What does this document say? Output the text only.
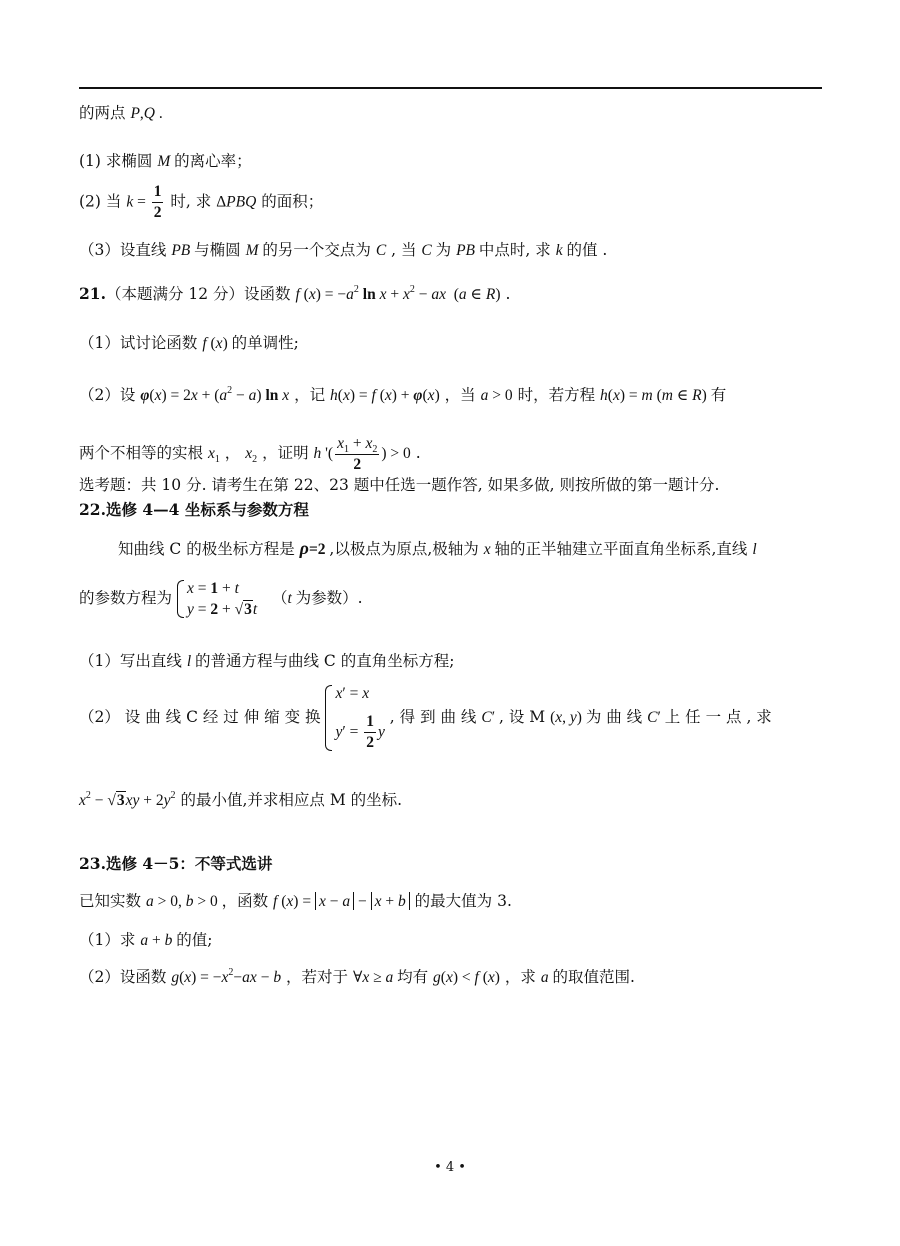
的两点 P,Q .
(1) 求椭圆 M 的离心率；
(2) 当 $k = \frac{1}{2}$ 时, 求 ΔPBQ 的面积；
（3）设直线 PB 与椭圆 M 的另一个交点为 C , 当 C 为 PB 中点时, 求 k 的值 .
21.（本题满分 12 分）设函数 f $(x) = -a^2$ $\ln x + x^2$ − ax  (a ∈ R) .
（1）试讨论函数 f (x) 的单调性;
（2）设 $\varphi(x) = 2x + (a^2 - a)$ ln x ，记 h(x) = f (x) + φ(x) ，当 a > 0 时，若方程 h(x) = m (m ∈ R) 有
两个不相等的实根 $x_1$ ， $x_2$ ，证明 h '( $\frac{x_1 + x_2}{2}$ ) > 0 .
选考题：共 10 分. 请考生在第 22、23 题中任选一题作答, 如果多做, 则按所做的第一题计分.
22.选修 4—4 坐标系与参数方程
知曲线 C 的极坐标方程是 ρ=2 ,以极点为原点,极轴为 x 轴的正半轴建立平面直角坐标系,直线 l
的参数方程为
x = 1 + t
y = 2 + √3t
（t 为参数）.
（1）写出直线 l 的普通方程与曲线 C 的直角坐标方程;
（2） 设 曲 线 C 经 过 伸 缩 变 换
x′ = x
$y' = \frac{1}{2}$ y
, 得 到 曲 线 C′ , 设 M (x, y) 为 曲 线 C′ 上 任 一 点 , 求
$x^2 - √3xy + 2y^2$ 的最小值,并求相应点 M 的坐标.
23.选修 4－5：不等式选讲
已知实数 a > 0, b > 0 ，函数 f (x) = x − a − x + b 的最大值为 3.
（1）求 a + b 的值;
（2）设函数 $g(x) = -x^2-ax - b$ ，若对于 ∀x ≥ a 均有 g(x) < f (x) ，求 a 的取值范围.
• 4 •
